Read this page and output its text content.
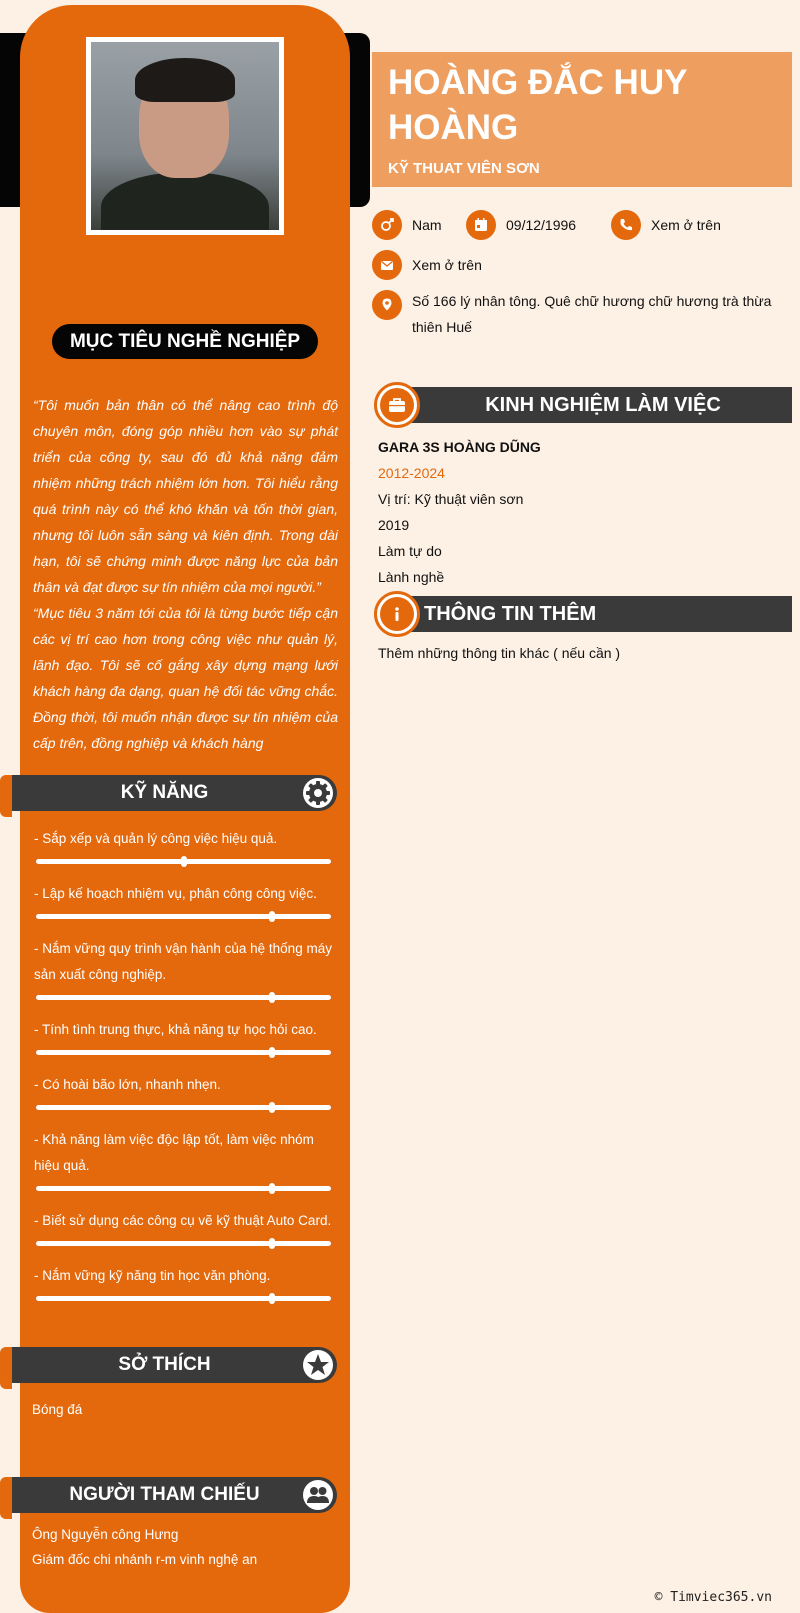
MỤC TIÊU NGHỀ NGHIỆP

“Tôi muốn bản thân có thể nâng cao trình độ chuyên môn, đóng góp nhiều hơn vào sự phát triển của công ty, sau đó đủ khả năng đảm nhiệm những trách nhiệm lớn hơn. Tôi hiểu rằng quá trình này có thể khó khăn và tốn thời gian, nhưng tôi luôn sẵn sàng và kiên định. Trong dài hạn, tôi sẽ chứng minh được năng lực của bản thân và đạt được sự tín nhiệm của mọi người.”

“Mục tiêu 3 năm tới của tôi là từng bước tiếp cận các vị trí cao hơn trong công việc như quản lý, lãnh đạo. Tôi sẽ cố gắng xây dựng mạng lưới khách hàng đa dạng, quan hệ đối tác vững chắc. Đồng thời, tôi muốn nhận được sự tín nhiệm của cấp trên, đồng nghiệp và khách hàng

KỸ NĂNG
- Sắp xếp và quản lý công việc hiệu quả.
- Lập kế hoạch nhiệm vụ, phân công công việc.
- Nắm vững quy trình vận hành của hệ thống máy sản xuất công nghiệp.
- Tính tình trung thực, khả năng tự học hỏi cao.
- Có hoài bão lớn, nhanh nhẹn.
- Khả năng làm việc độc lập tốt, làm việc nhóm hiệu quả.
- Biết sử dụng các công cụ vẽ kỹ thuật Auto Card.
- Nắm vững kỹ năng tin học văn phòng.
SỞ THÍCH
Bóng đá
NGƯỜI THAM CHIẾU
Ông Nguyễn công Hưng
Giám đốc chi nhánh r-m vinh nghệ an
HOÀNG ĐẮC HUY HOÀNG
KỸ THUAT VIÊN SƠN
Nam	09/12/1996	Xem ở trên
Xem ở trên
Số 166 lý nhân tông. Quê chữ hương chữ hương trà thừa thiên Huế
KINH NGHIỆM LÀM VIỆC
GARA 3S HOÀNG DŨNG
2012-2024
Vị trí: Kỹ thuật viên sơn
2019
Làm tự do
Lành nghề
THÔNG TIN THÊM
Thêm những thông tin khác ( nếu cần )
© Timviec365.vn
